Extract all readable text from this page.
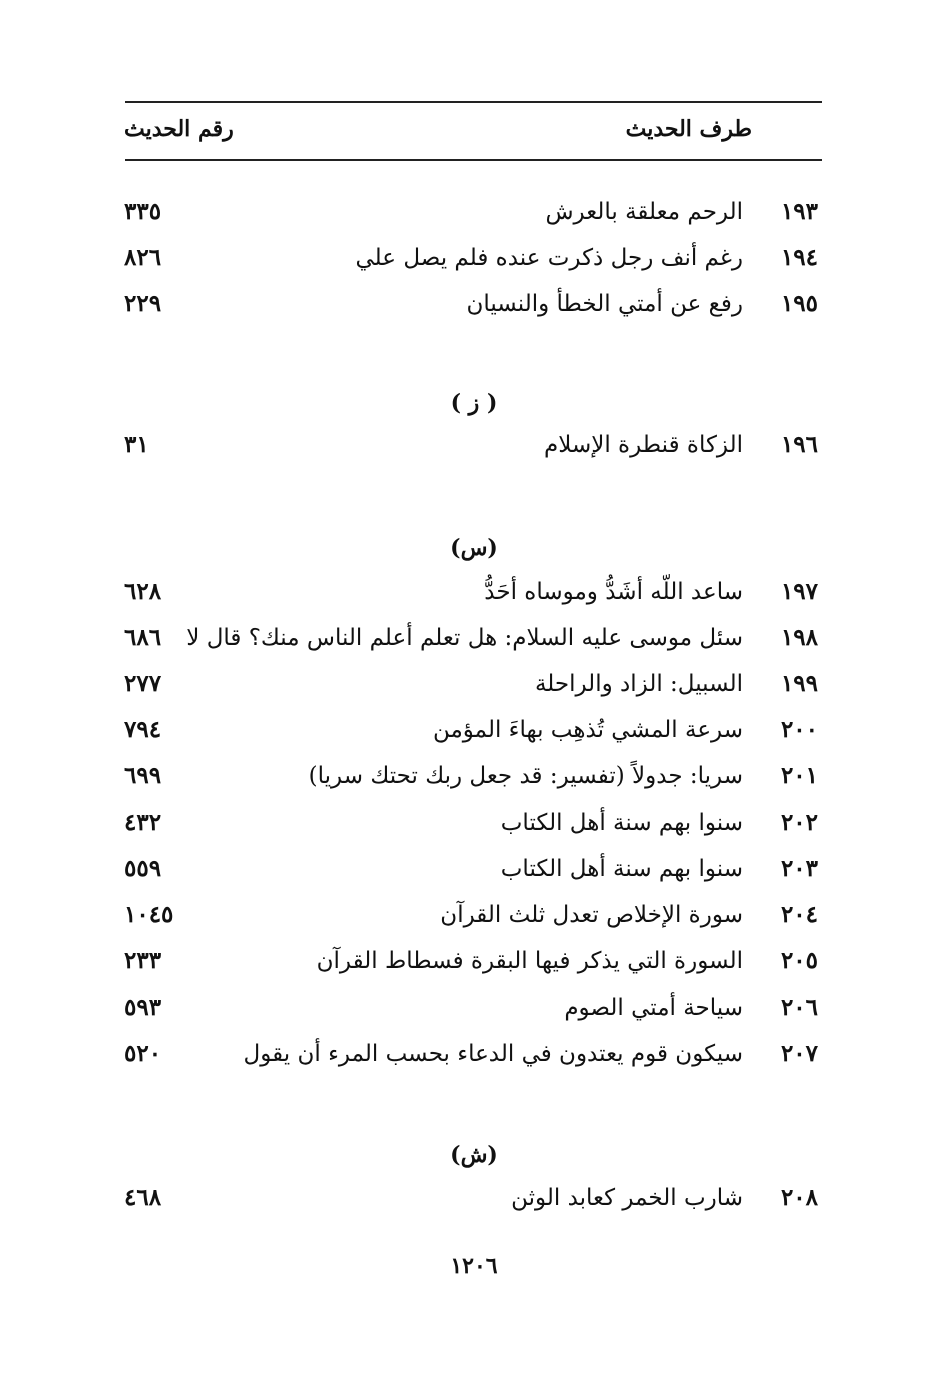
طرف الحديث
رقم الحديث
١٩٣
الرحم معلقة بالعرش
٣٣٥
١٩٤
رغم أنف رجل ذكرت عنده فلم يصل علي
٨٢٦
١٩٥
رفع عن أمتي الخطأ والنسيان
٢٢٩
( ز )
١٩٦
الزكاة قنطرة الإسلام
٣١
(س)
١٩٧
ساعد اللّه أشَدُّ وموساه أحَدُّ
٦٢٨
١٩٨
سئل موسى عليه السلام: هل تعلم أعلم الناس منك؟ قال لا
٦٨٦
١٩٩
السبيل: الزاد والراحلة
٢٧٧
٢٠٠
سرعة المشي تُذهِب بهاءَ المؤمن
٧٩٤
٢٠١
سريا: جدولاً (تفسير: قد جعل ربك تحتك سريا)
٦٩٩
٢٠٢
سنوا بهم سنة أهل الكتاب
٤٣٢
٢٠٣
سنوا بهم سنة أهل الكتاب
٥٥٩
٢٠٤
سورة الإخلاص تعدل ثلث القرآن
١٠٤٥
٢٠٥
السورة التي يذكر فيها البقرة فسطاط القرآن
٢٣٣
٢٠٦
سياحة أمتي الصوم
٥٩٣
٢٠٧
سيكون قوم يعتدون في الدعاء بحسب المرء أن يقول
٥٢٠
(ش)
٢٠٨
شارب الخمر كعابد الوثن
٤٦٨
١٢٠٦
